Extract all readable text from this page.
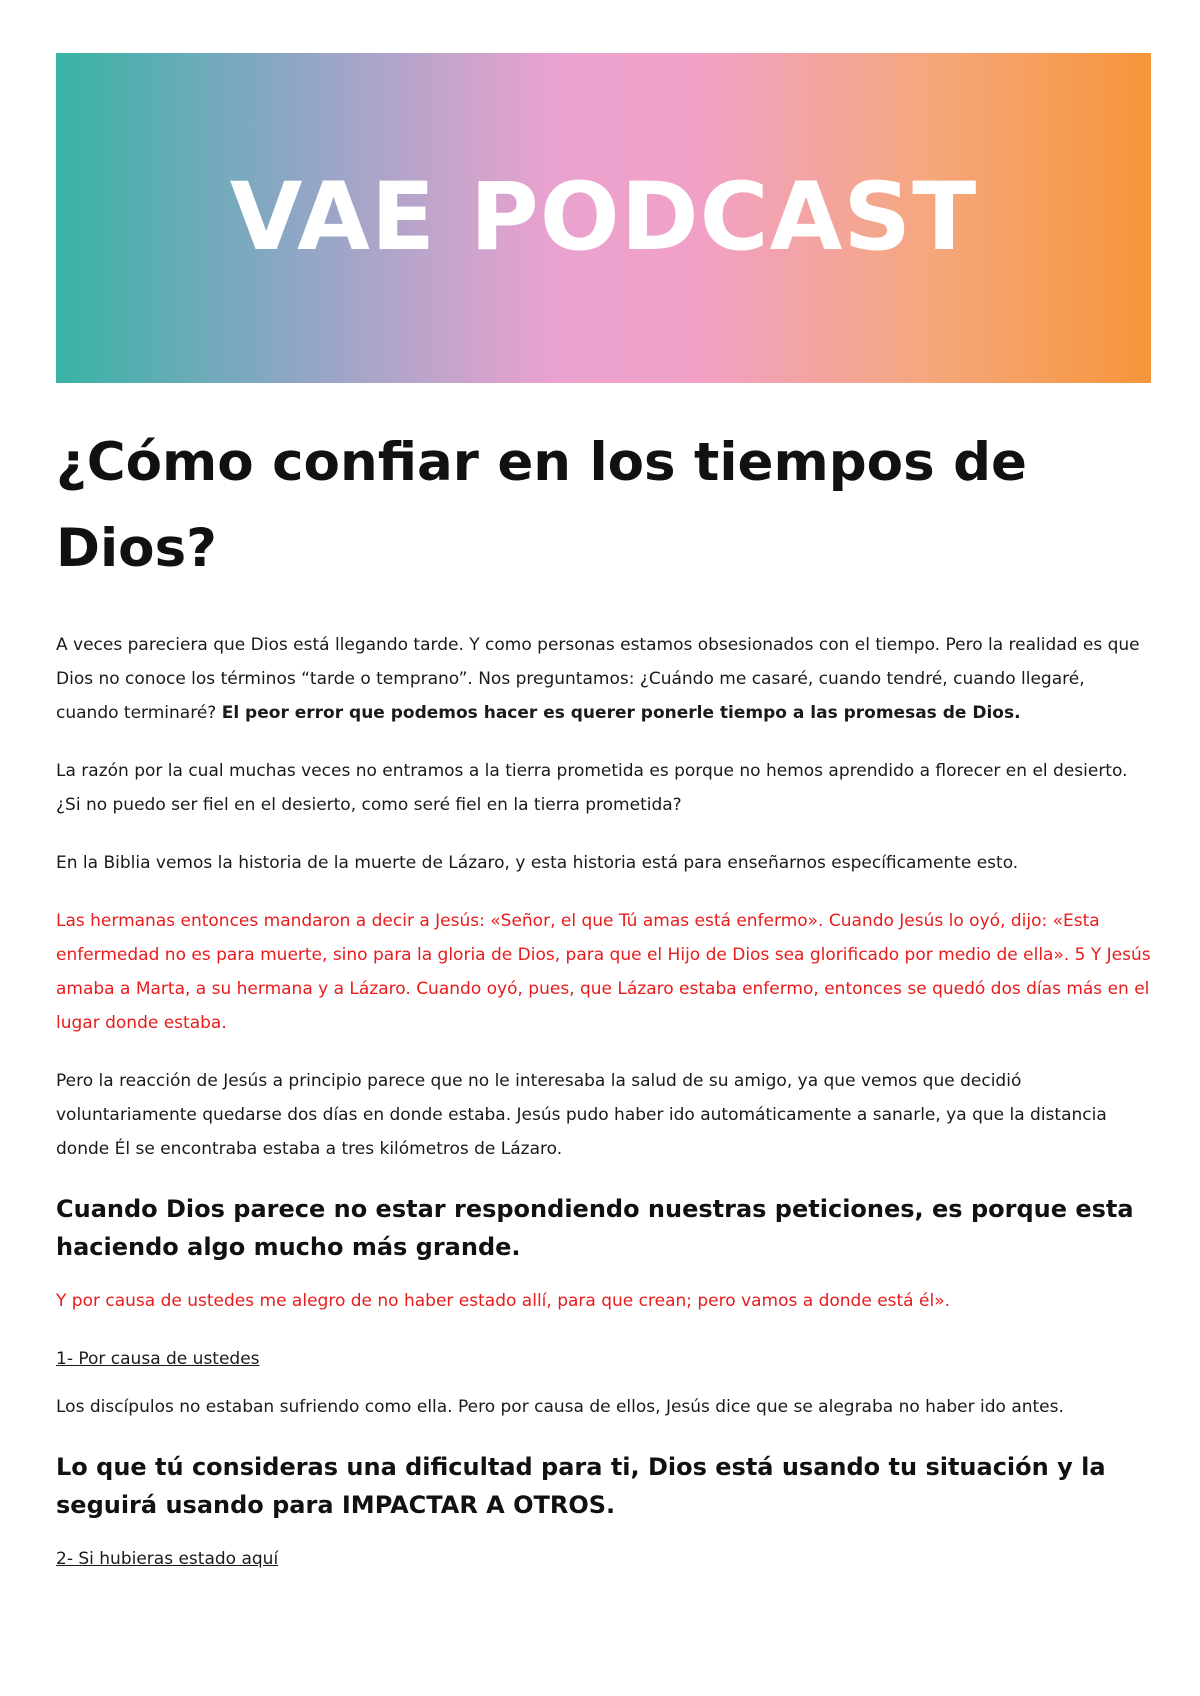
VAE PODCAST
¿Cómo confiar en los tiempos de Dios?

A veces pareciera que Dios está llegando tarde. Y como personas estamos obsesionados con el tiempo. Pero la realidad es que Dios no conoce los términos “tarde o temprano”. Nos preguntamos: ¿Cuándo me casaré, cuando tendré, cuando llegaré, cuando terminaré? El peor error que podemos hacer es querer ponerle tiempo a las promesas de Dios.

La razón por la cual muchas veces no entramos a la tierra prometida es porque no hemos aprendido a florecer en el desierto. ¿Si no puedo ser fiel en el desierto, como seré fiel en la tierra prometida?

En la Biblia vemos la historia de la muerte de Lázaro, y esta historia está para enseñarnos específicamente esto.

Las hermanas entonces mandaron a decir a Jesús: «Señor, el que Tú amas está enfermo». Cuando Jesús lo oyó, dijo: «Esta enfermedad no es para muerte, sino para la gloria de Dios, para que el Hijo de Dios sea glorificado por medio de ella». 5 Y Jesús amaba a Marta, a su hermana y a Lázaro. Cuando oyó, pues, que Lázaro estaba enfermo, entonces se quedó dos días más en el lugar donde estaba.

Pero la reacción de Jesús a principio parece que no le interesaba la salud de su amigo, ya que vemos que decidió voluntariamente quedarse dos días en donde estaba. Jesús pudo haber ido automáticamente a sanarle, ya que la distancia donde Él se encontraba estaba a tres kilómetros de Lázaro.

Cuando Dios parece no estar respondiendo nuestras peticiones, es porque esta haciendo algo mucho más grande.

Y por causa de ustedes me alegro de no haber estado allí, para que crean; pero vamos a donde está él».

1- Por causa de ustedes

Los discípulos no estaban sufriendo como ella. Pero por causa de ellos, Jesús dice que se alegraba no haber ido antes.

Lo que tú consideras una dificultad para ti, Dios está usando tu situación y la seguirá usando para IMPACTAR A OTROS.

2- Si hubieras estado aquí
